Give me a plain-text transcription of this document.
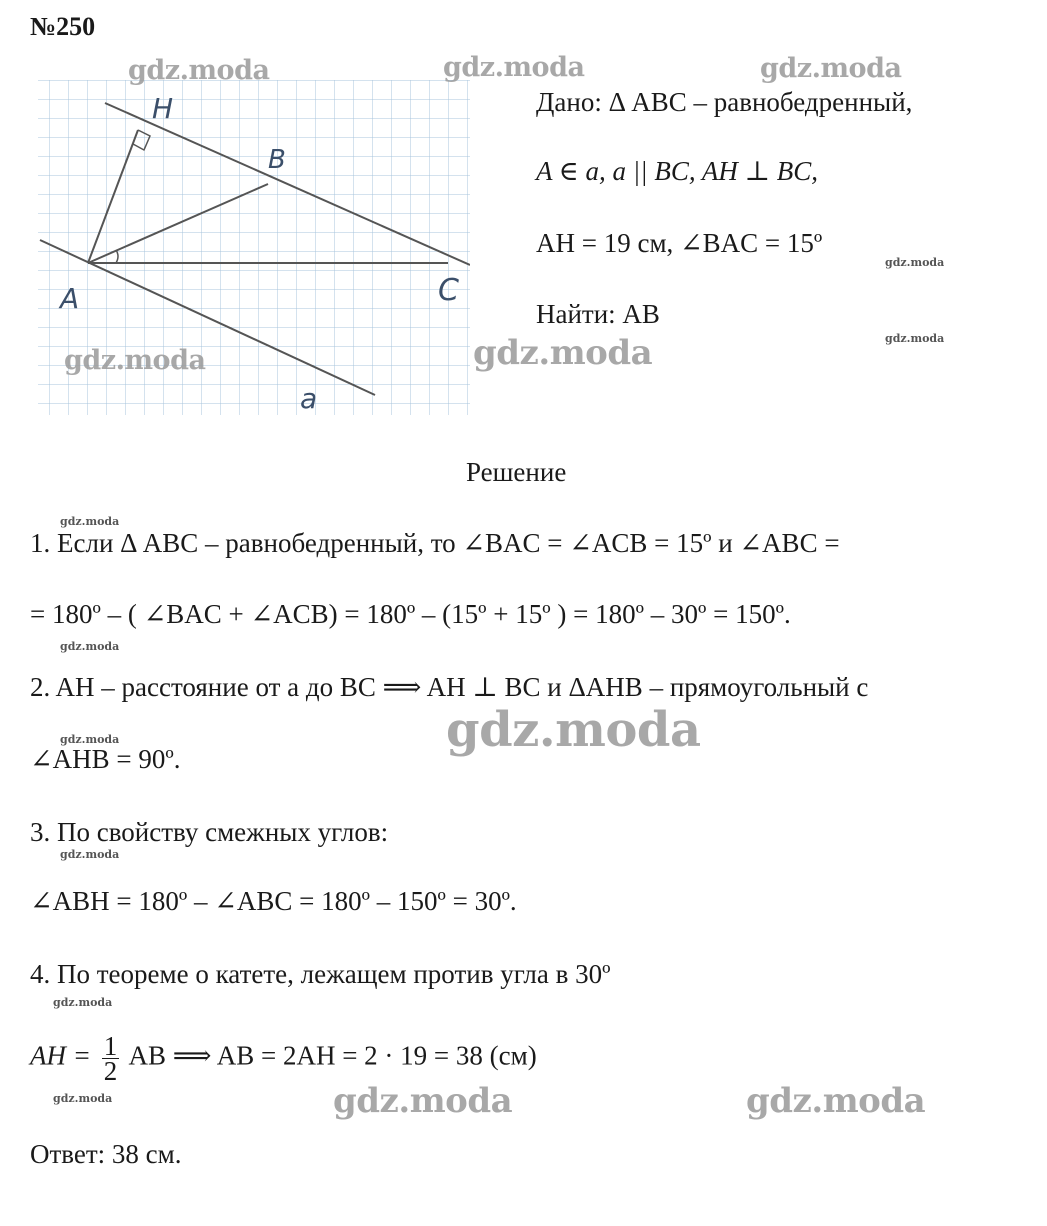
№250
H
B
A	C
a
Дано: Δ ABC – равнобедренный,
A ∈ a, a || BC, AH ⊥ BC,
AH = 19 см, ∠BAC = 15º
Найти: AB
Решение
1. Если Δ ABC – равнобедренный, то ∠BAC = ∠ACB = 15º и ∠ABC =
= 180º – ( ∠BAC + ∠ACB) = 180º – (15º + 15º ) = 180º – 30º = 150º.
2. AH – расстояние от a до BC ⟹ AH ⊥ BC и ΔAHB – прямоугольный с
∠AHB = 90º.
3. По свойству смежных углов:
∠ABH = 180º – ∠ABC = 180º – 150º = 30º.
4. По теореме о катете, лежащем против угла в 30º
AH = $\frac{1}{2}$ AB ⟹ AB = 2AH = 2 · 19 = 38 (см)
Ответ: 38 см.
gdz.moda	gdz.moda	gdz.moda
gdz.moda	gdz.moda
gdz.moda
gdz.moda	gdz.moda
gdz.moda
gdz.moda
gdz.moda
gdz.moda
gdz.moda
gdz.moda
gdz.moda
gdz.moda
